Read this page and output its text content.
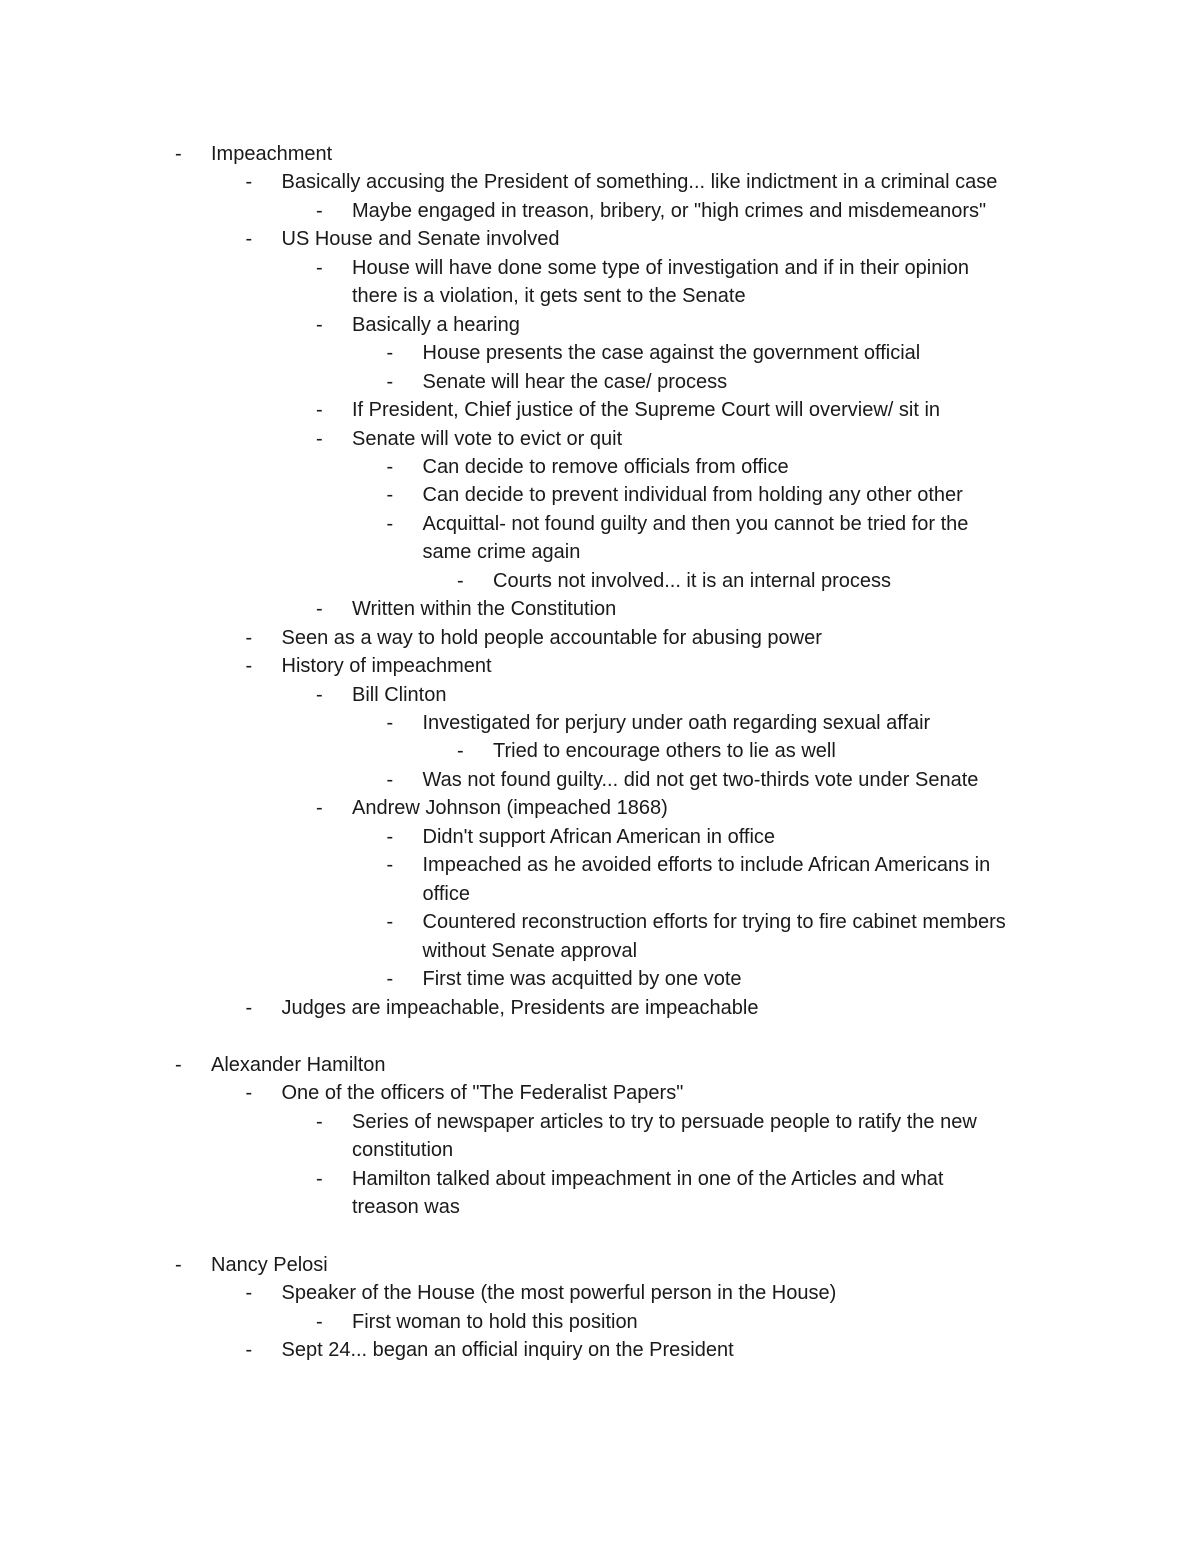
-	Impeachment
-	Basically accusing the President of something... like indictment in a criminal case
-	Maybe engaged in treason, bribery, or "high crimes and misdemeanors"
-	US House and Senate involved
-	House will have done some type of investigation and if in their opinion
there is a violation, it gets sent to the Senate
-	Basically a hearing
-	House presents the case against the government official
-	Senate will hear the case/ process
-	If President, Chief justice of the Supreme Court will overview/ sit in
-	Senate will vote to evict or quit
-	Can decide to remove officials from office
-	Can decide to prevent individual from holding any other other
-	Acquittal- not found guilty and then you cannot be tried for the
same crime again
-	Courts not involved... it is an internal process
-	Written within the Constitution
-	Seen as a way to hold people accountable for abusing power
-	History of impeachment
-	Bill Clinton
-	Investigated for perjury under oath regarding sexual affair
-	Tried to encourage others to lie as well
-	Was not found guilty... did not get two-thirds vote under Senate
-	Andrew Johnson (impeached 1868)
-	Didn't support African American in office
-	Impeached as he avoided efforts to include African Americans in
office
-	Countered reconstruction efforts for trying to fire cabinet members
without Senate approval
-	First time was acquitted by one vote
-	Judges are impeachable, Presidents are impeachable
-	Alexander Hamilton
-	One of the officers of "The Federalist Papers"
-	Series of newspaper articles to try to persuade people to ratify the new
constitution
-	Hamilton talked about impeachment in one of the Articles and what
treason was
-	Nancy Pelosi
-	Speaker of the House (the most powerful person in the House)
-	First woman to hold this position
-	Sept 24... began an official inquiry on the President
